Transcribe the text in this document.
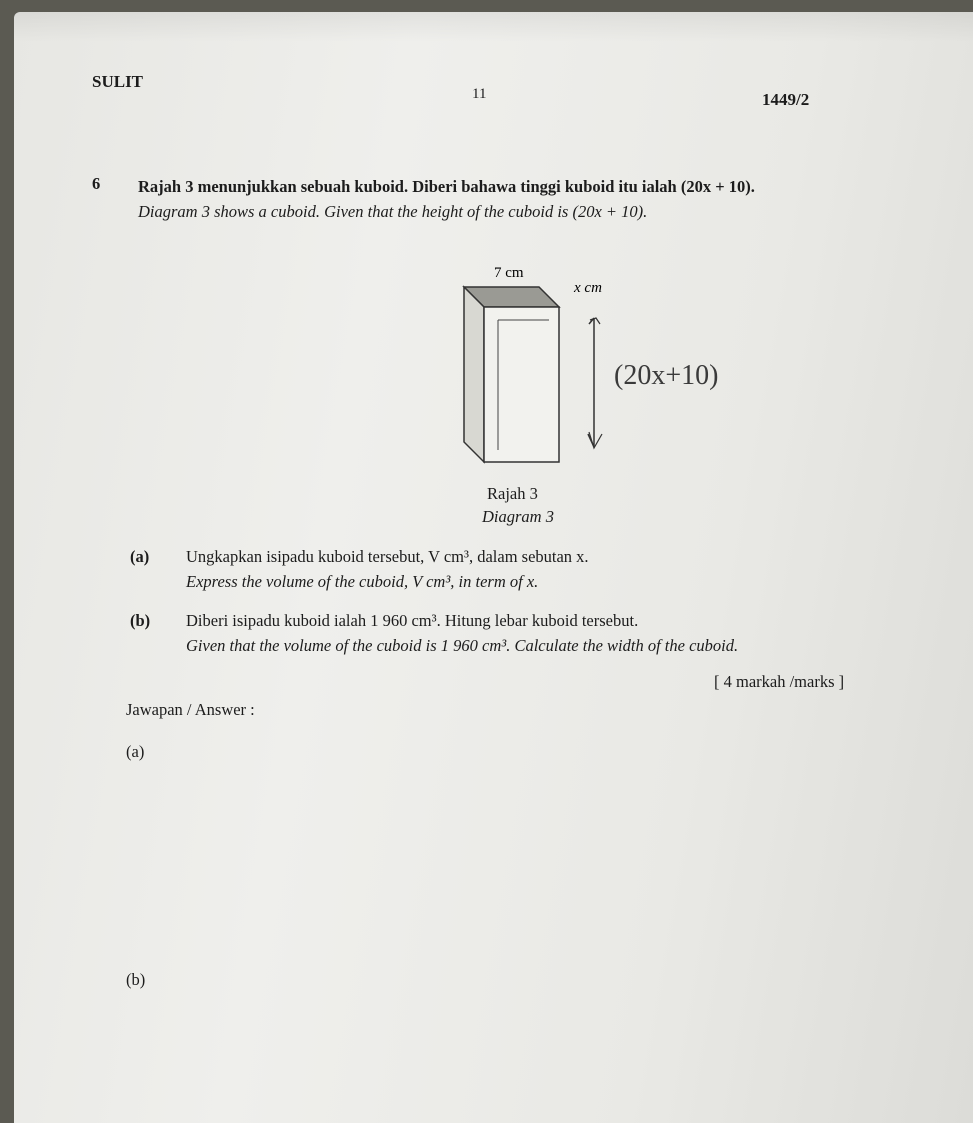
SULIT
11	1449/2
6 Rajah 3 menunjukkan sebuah kuboid. Diberi bahawa tinggi kuboid itu ialah (20x + 10).
Diagram 3 shows a cuboid. Given that the height of the cuboid is (20x + 10).
7 cm
x cm
(20x+10)
Rajah 3
Diagram 3
(a) Ungkapkan isipadu kuboid tersebut, V cm³, dalam sebutan x.
Express the volume of the cuboid, V cm³, in term of x.
(b) Diberi isipadu kuboid ialah 1 960 cm³. Hitung lebar kuboid tersebut.
Given that the volume of the cuboid is 1 960 cm³. Calculate the width of the cuboid.
[ 4 markah /marks ]
Jawapan / Answer :
(a)
(b)
